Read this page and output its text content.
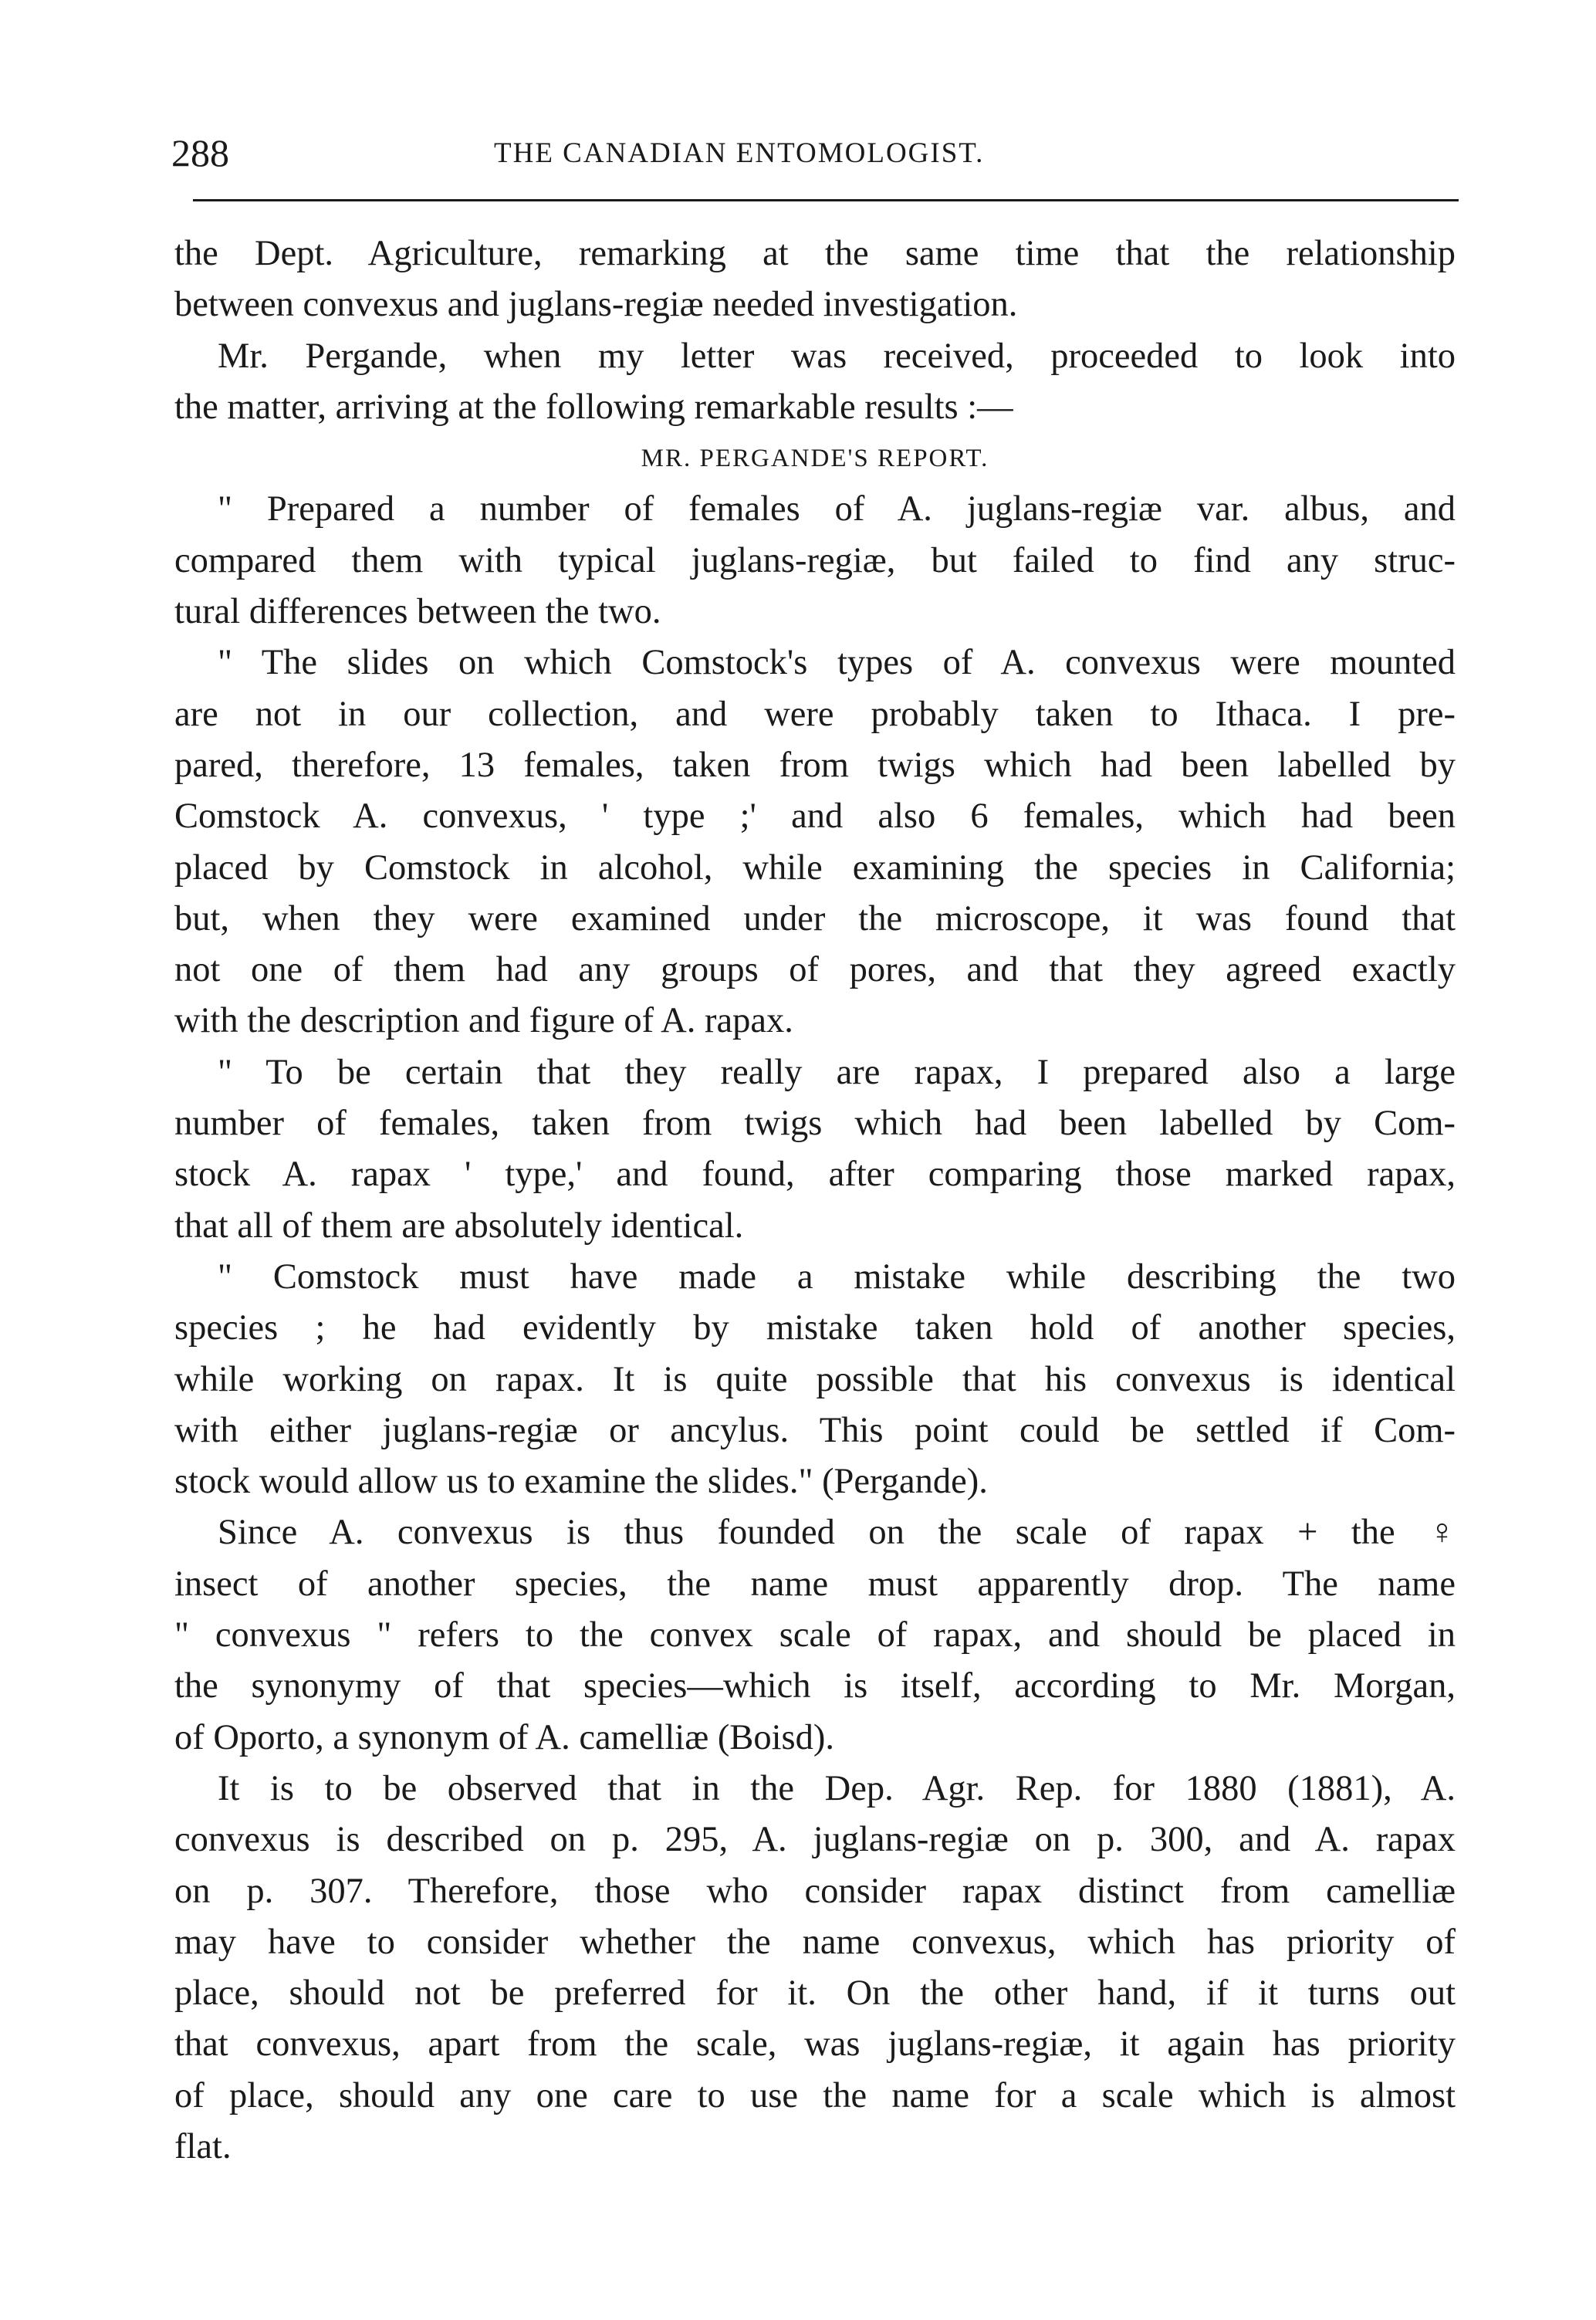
288	THE CANADIAN ENTOMOLOGIST.
the Dept. Agriculture, remarking at the same time that the relationship
between convexus and juglans-regiæ needed investigation.
Mr. Pergande, when my letter was received, proceeded to look into
the matter, arriving at the following remarkable results :—
MR. PERGANDE'S REPORT.
" Prepared a number of females of A. juglans-regiæ var. albus, and
compared them with typical juglans-regiæ, but failed to find any struc-
tural differences between the two.
" The slides on which Comstock's types of A. convexus were mounted
are not in our collection, and were probably taken to Ithaca. I pre-
pared, therefore, 13 females, taken from twigs which had been labelled by
Comstock A. convexus, ' type ;' and also 6 females, which had been
placed by Comstock in alcohol, while examining the species in California;
but, when they were examined under the microscope, it was found that
not one of them had any groups of pores, and that they agreed exactly
with the description and figure of A. rapax.
" To be certain that they really are rapax, I prepared also a large
number of females, taken from twigs which had been labelled by Com-
stock A. rapax ' type,' and found, after comparing those marked rapax,
that all of them are absolutely identical.
" Comstock must have made a mistake while describing the two
species ; he had evidently by mistake taken hold of another species,
while working on rapax. It is quite possible that his convexus is identical
with either juglans-regiæ or ancylus. This point could be settled if Com-
stock would allow us to examine the slides." (Pergande).
Since A. convexus is thus founded on the scale of rapax + the ♀
insect of another species, the name must apparently drop. The name
" convexus " refers to the convex scale of rapax, and should be placed in
the synonymy of that species—which is itself, according to Mr. Morgan,
of Oporto, a synonym of A. camelliæ (Boisd).
It is to be observed that in the Dep. Agr. Rep. for 1880 (1881), A.
convexus is described on p. 295, A. juglans-regiæ on p. 300, and A. rapax
on p. 307. Therefore, those who consider rapax distinct from camelliæ
may have to consider whether the name convexus, which has priority of
place, should not be preferred for it. On the other hand, if it turns out
that convexus, apart from the scale, was juglans-regiæ, it again has priority
of place, should any one care to use the name for a scale which is almost
flat.
